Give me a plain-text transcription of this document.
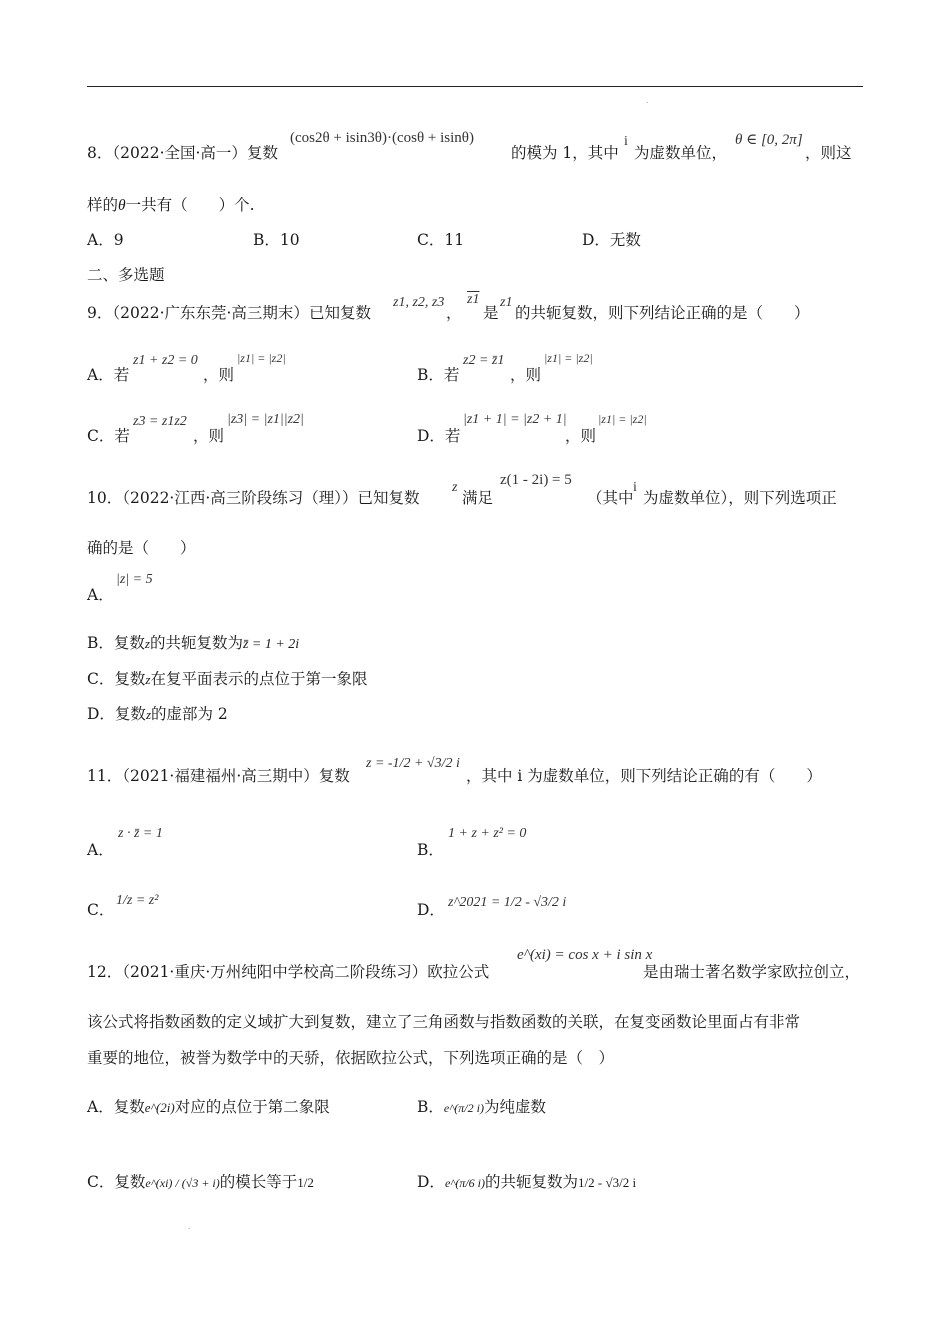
.
8．（2022·全国·高一）复数
(cos2θ + isin3θ)·(cosθ + isinθ)
的模为 1，其中
i
为虚数单位，
θ ∈ [0, 2π]
，则这
样的θ一共有（　　）个.
A．9	B．10	C．11	D．无数
二、多选题
9．（2022·广东东莞·高三期末）已知复数
z1, z2, z3
，
z1
是
z1
的共轭复数，则下列结论正确的是（　　）
A．若
z1 + z2 = 0
，则
|z1| = |z2|
B．若
z2 = z̄1
，则
|z1| = |z2|
C．若
z3 = z1z2
，则
|z3| = |z1||z2|
D．若
|z1 + 1| = |z2 + 1|
，则
|z1| = |z2|
10．（2022·江西·高三阶段练习（理））已知复数
z
满足
z(1 - 2i) = 5
（其中
i
为虚数单位），则下列选项正
确的是（　　）
A．
|z| = 5
B．复数z的共轭复数为z̄ = 1 + 2i
C．复数z在复平面表示的点位于第一象限
D．复数z的虚部为 2
11．（2021·福建福州·高三期中）复数
z = -1/2 + √3/2 i
，其中 i 为虚数单位，则下列结论正确的有（　　）
A．
z · z̄ = 1
B．
1 + z + z² = 0
C．
1/z = z²
D． z^2021 = 1/2 - √3/2 i
12．（2021·重庆·万州纯阳中学校高二阶段练习）欧拉公式
e^(xi) = cos x + i sin x
是由瑞士著名数学家欧拉创立，
该公式将指数函数的定义域扩大到复数，建立了三角函数与指数函数的关联，在复变函数论里面占有非常
重要的地位，被誉为数学中的天骄，依据欧拉公式，下列选项正确的是（　）
A．复数e^(2i)对应的点位于第二象限	B．e^(π/2 i)为纯虚数
C．复数e^(xi) / (√3 + i)的模长等于1/2	D．e^(π/6 i)的共轭复数为1/2 - √3/2 i
.
